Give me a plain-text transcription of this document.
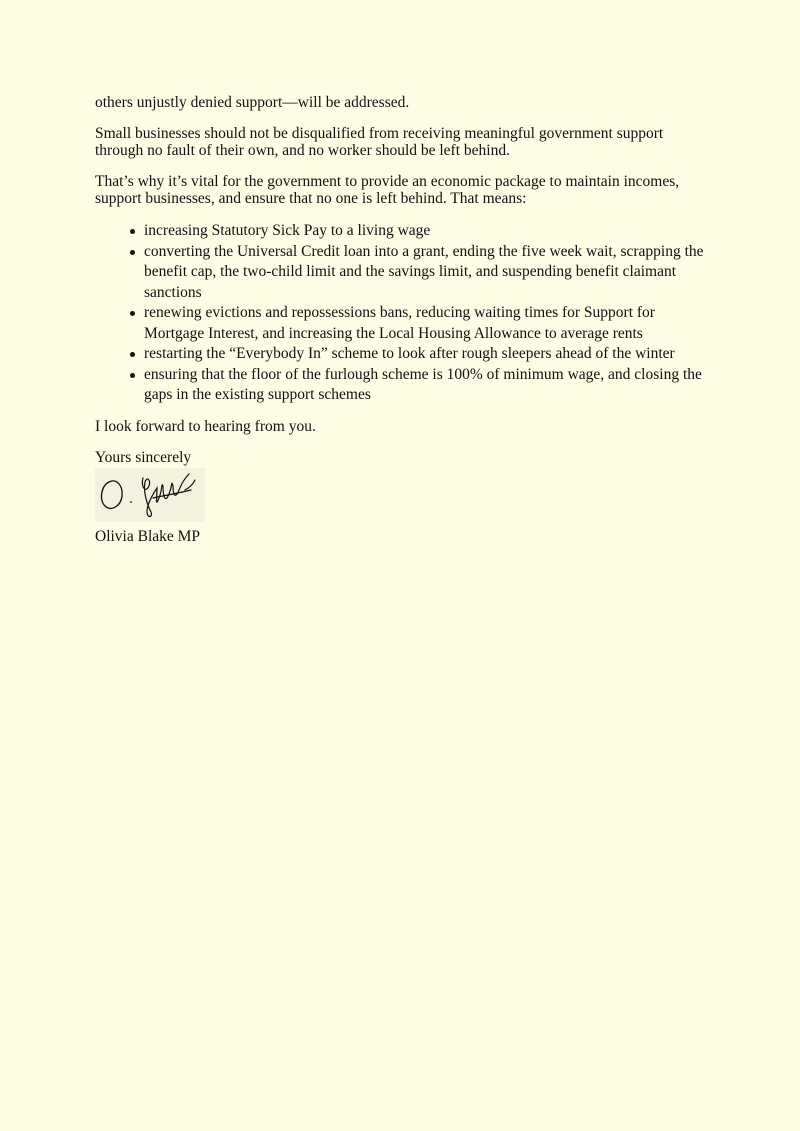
others unjustly denied support—will be addressed.

Small businesses should not be disqualified from receiving meaningful government support through no fault of their own, and no worker should be left behind.

That’s why it’s vital for the government to provide an economic package to maintain incomes, support businesses, and ensure that no one is left behind. That means:

increasing Statutory Sick Pay to a living wage
converting the Universal Credit loan into a grant, ending the five week wait, scrapping the benefit cap, the two-child limit and the savings limit, and suspending benefit claimant sanctions
renewing evictions and repossessions bans, reducing waiting times for Support for Mortgage Interest, and increasing the Local Housing Allowance to average rents
restarting the “Everybody In” scheme to look after rough sleepers ahead of the winter
ensuring that the floor of the furlough scheme is 100% of minimum wage, and closing the gaps in the existing support schemes

I look forward to hearing from you.

Yours sincerely

Olivia Blake MP
